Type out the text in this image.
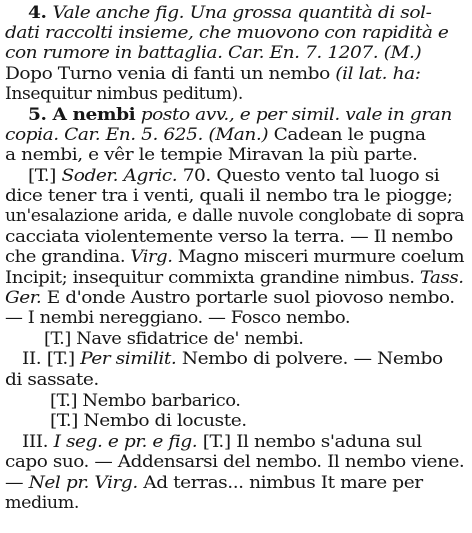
4. Vale anche fig. Una grossa quantità di sol-
dati raccolti insieme, che muovono con rapidità e
con rumore in battaglia. Car. En. 7. 1207. (M.)
Dopo Turno venia di fanti un nembo (il lat. ha:
Insequitur nimbus peditum).
5. A nembi posto avv., e per simil. vale in gran
copia. Car. En. 5. 625. (Man.) Cadean le pugna
a nembi, e vêr le tempie Miravan la più parte.
[T.] Soder. Agric. 70. Questo vento tal luogo si
dice tener tra i venti, quali il nembo tra le piogge;
un'esalazione arida, e dalle nuvole conglobate di sopra
cacciata violentemente verso la terra. — Il nembo
che grandina. Virg. Magno misceri murmure coelum
Incipit; insequitur commixta grandine nimbus. Tass.
Ger. E d'onde Austro portarle suol piovoso nembo.
— I nembi nereggiano. — Fosco nembo.
[T.] Nave sfidatrice de' nembi.
II. [T.] Per similit. Nembo di polvere. — Nembo
di sassate.
[T.] Nembo barbarico.
[T.] Nembo di locuste.
III. I seg. e pr. e fig. [T.] Il nembo s'aduna sul
capo suo. — Addensarsi del nembo. Il nembo viene.
— Nel pr. Virg. Ad terras... nimbus It mare per
medium.
